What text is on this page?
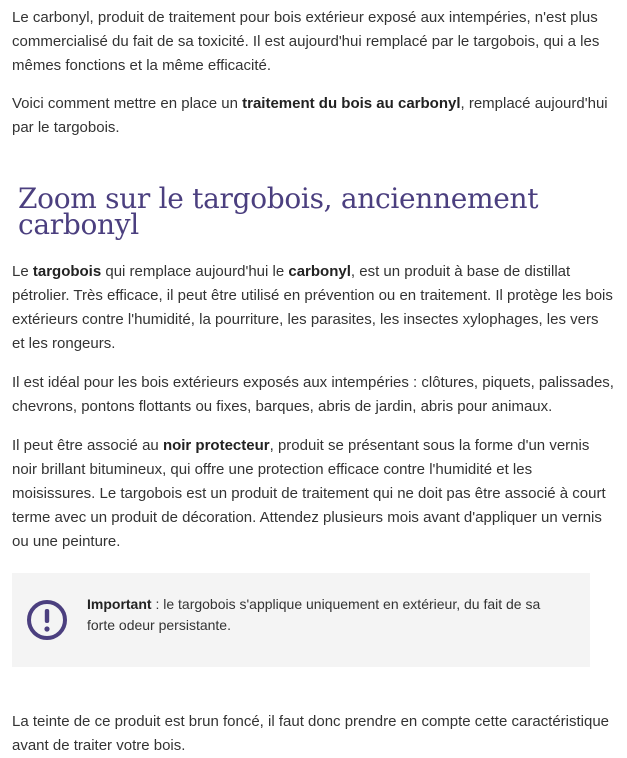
Le carbonyl, produit de traitement pour bois extérieur exposé aux intempéries, n'est plus commercialisé du fait de sa toxicité. Il est aujourd'hui remplacé par le targobois, qui a les mêmes fonctions et la même efficacité.

Voici comment mettre en place un traitement du bois au carbonyl, remplacé aujourd'hui par le targobois.

Zoom sur le targobois, anciennement carbonyl

Le targobois qui remplace aujourd'hui le carbonyl, est un produit à base de distillat pétrolier. Très efficace, il peut être utilisé en prévention ou en traitement. Il protège les bois extérieurs contre l'humidité, la pourriture, les parasites, les insectes xylophages, les vers et les rongeurs.

Il est idéal pour les bois extérieurs exposés aux intempéries : clôtures, piquets, palissades, chevrons, pontons flottants ou fixes, barques, abris de jardin, abris pour animaux.

Il peut être associé au noir protecteur, produit se présentant sous la forme d'un vernis noir brillant bitumineux, qui offre une protection efficace contre l'humidité et les moisissures. Le targobois est un produit de traitement qui ne doit pas être associé à court terme avec un produit de décoration. Attendez plusieurs mois avant d'appliquer un vernis ou une peinture.

Important : le targobois s'applique uniquement en extérieur, du fait de sa forte odeur persistante.

La teinte de ce produit est brun foncé, il faut donc prendre en compte cette caractéristique avant de traiter votre bois.
